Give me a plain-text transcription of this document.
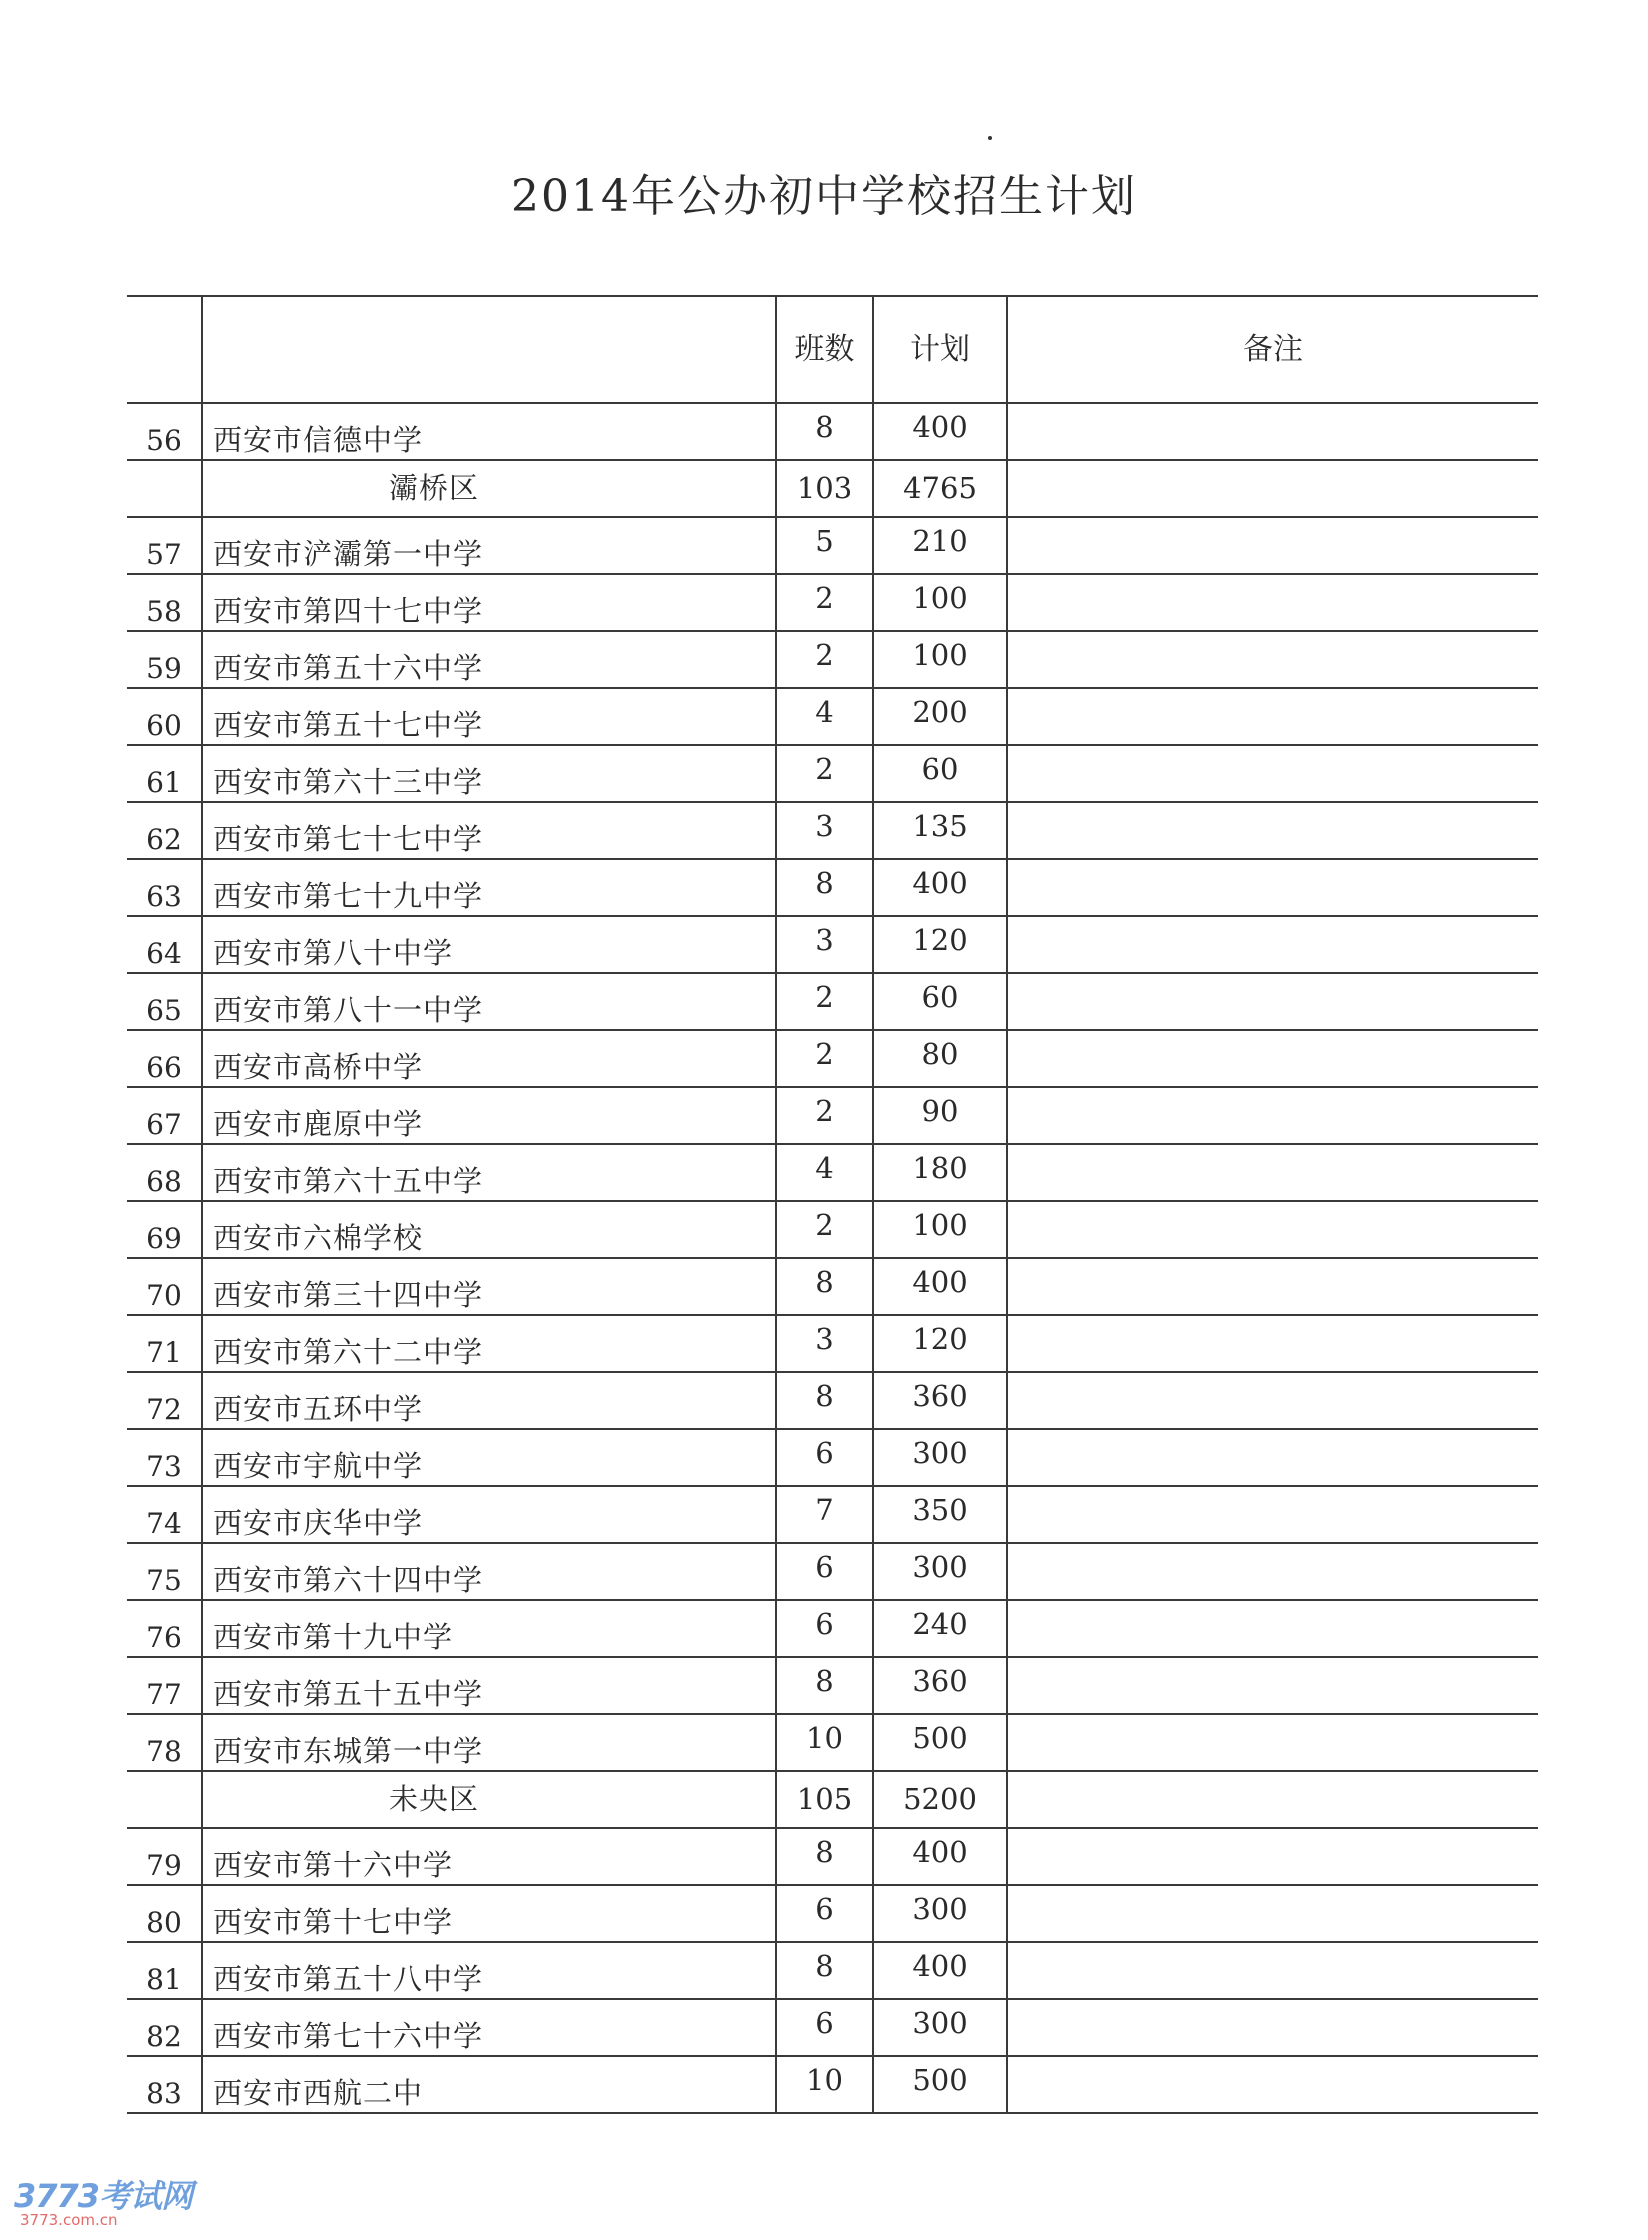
2014年公办初中学校招生计划
		班数	计划	备注
56	西安市信德中学	8	400	
	灞桥区	103	4765	
57	西安市浐灞第一中学	5	210	
58	西安市第四十七中学	2	100	
59	西安市第五十六中学	2	100	
60	西安市第五十七中学	4	200	
61	西安市第六十三中学	2	60	
62	西安市第七十七中学	3	135	
63	西安市第七十九中学	8	400	
64	西安市第八十中学	3	120	
65	西安市第八十一中学	2	60	
66	西安市高桥中学	2	80	
67	西安市鹿原中学	2	90	
68	西安市第六十五中学	4	180	
69	西安市六棉学校	2	100	
70	西安市第三十四中学	8	400	
71	西安市第六十二中学	3	120	
72	西安市五环中学	8	360	
73	西安市宇航中学	6	300	
74	西安市庆华中学	7	350	
75	西安市第六十四中学	6	300	
76	西安市第十九中学	6	240	
77	西安市第五十五中学	8	360	
78	西安市东城第一中学	10	500	
	未央区	105	5200	
79	西安市第十六中学	8	400	
80	西安市第十七中学	6	300	
81	西安市第五十八中学	8	400	
82	西安市第七十六中学	6	300	
83	西安市西航二中	10	500	
3773考试网
3773.com.cn
